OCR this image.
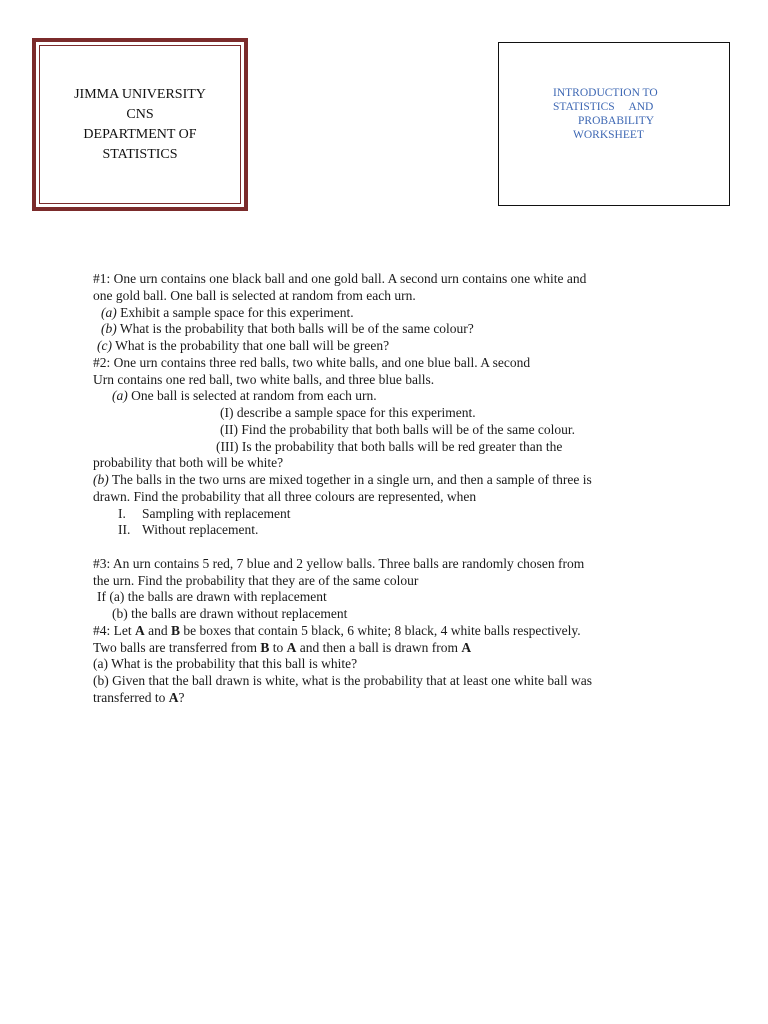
JIMMA UNIVERSITY
CNS
DEPARTMENT OF
STATISTICS
INTRODUCTION TO
STATISTICS     AND
PROBABILITY
WORKSHEET
#1: One urn contains one black ball and one gold ball. A second urn contains one white and
one gold ball. One ball is selected at random from each urn.
(a) Exhibit a sample space for this experiment.
(b) What is the probability that both balls will be of the same colour?
(c) What is the probability that one ball will be green?
#2: One urn contains three red balls, two white balls, and one blue ball. A second
Urn contains one red ball, two white balls, and three blue balls.
(a) One ball is selected at random from each urn.
(I) describe a sample space for this experiment.
(II) Find the probability that both balls will be of the same colour.
(III) Is the probability that both balls will be red greater than the
probability that both will be white?
(b) The balls in the two urns are mixed together in a single urn, and then a sample of three is
drawn. Find the probability that all three colours are represented, when
I. Sampling with replacement
II. Without replacement.
#3: An urn contains 5 red, 7 blue and 2 yellow balls. Three balls are randomly chosen from
the urn. Find the probability that they are of the same colour
If (a) the balls are drawn with replacement
(b) the balls are drawn without replacement
#4: Let A and B be boxes that contain 5 black, 6 white; 8 black, 4 white balls respectively.
Two balls are transferred from B to A and then a ball is drawn from A
(a) What is the probability that this ball is white?
(b) Given that the ball drawn is white, what is the probability that at least one white ball was
transferred to A?
